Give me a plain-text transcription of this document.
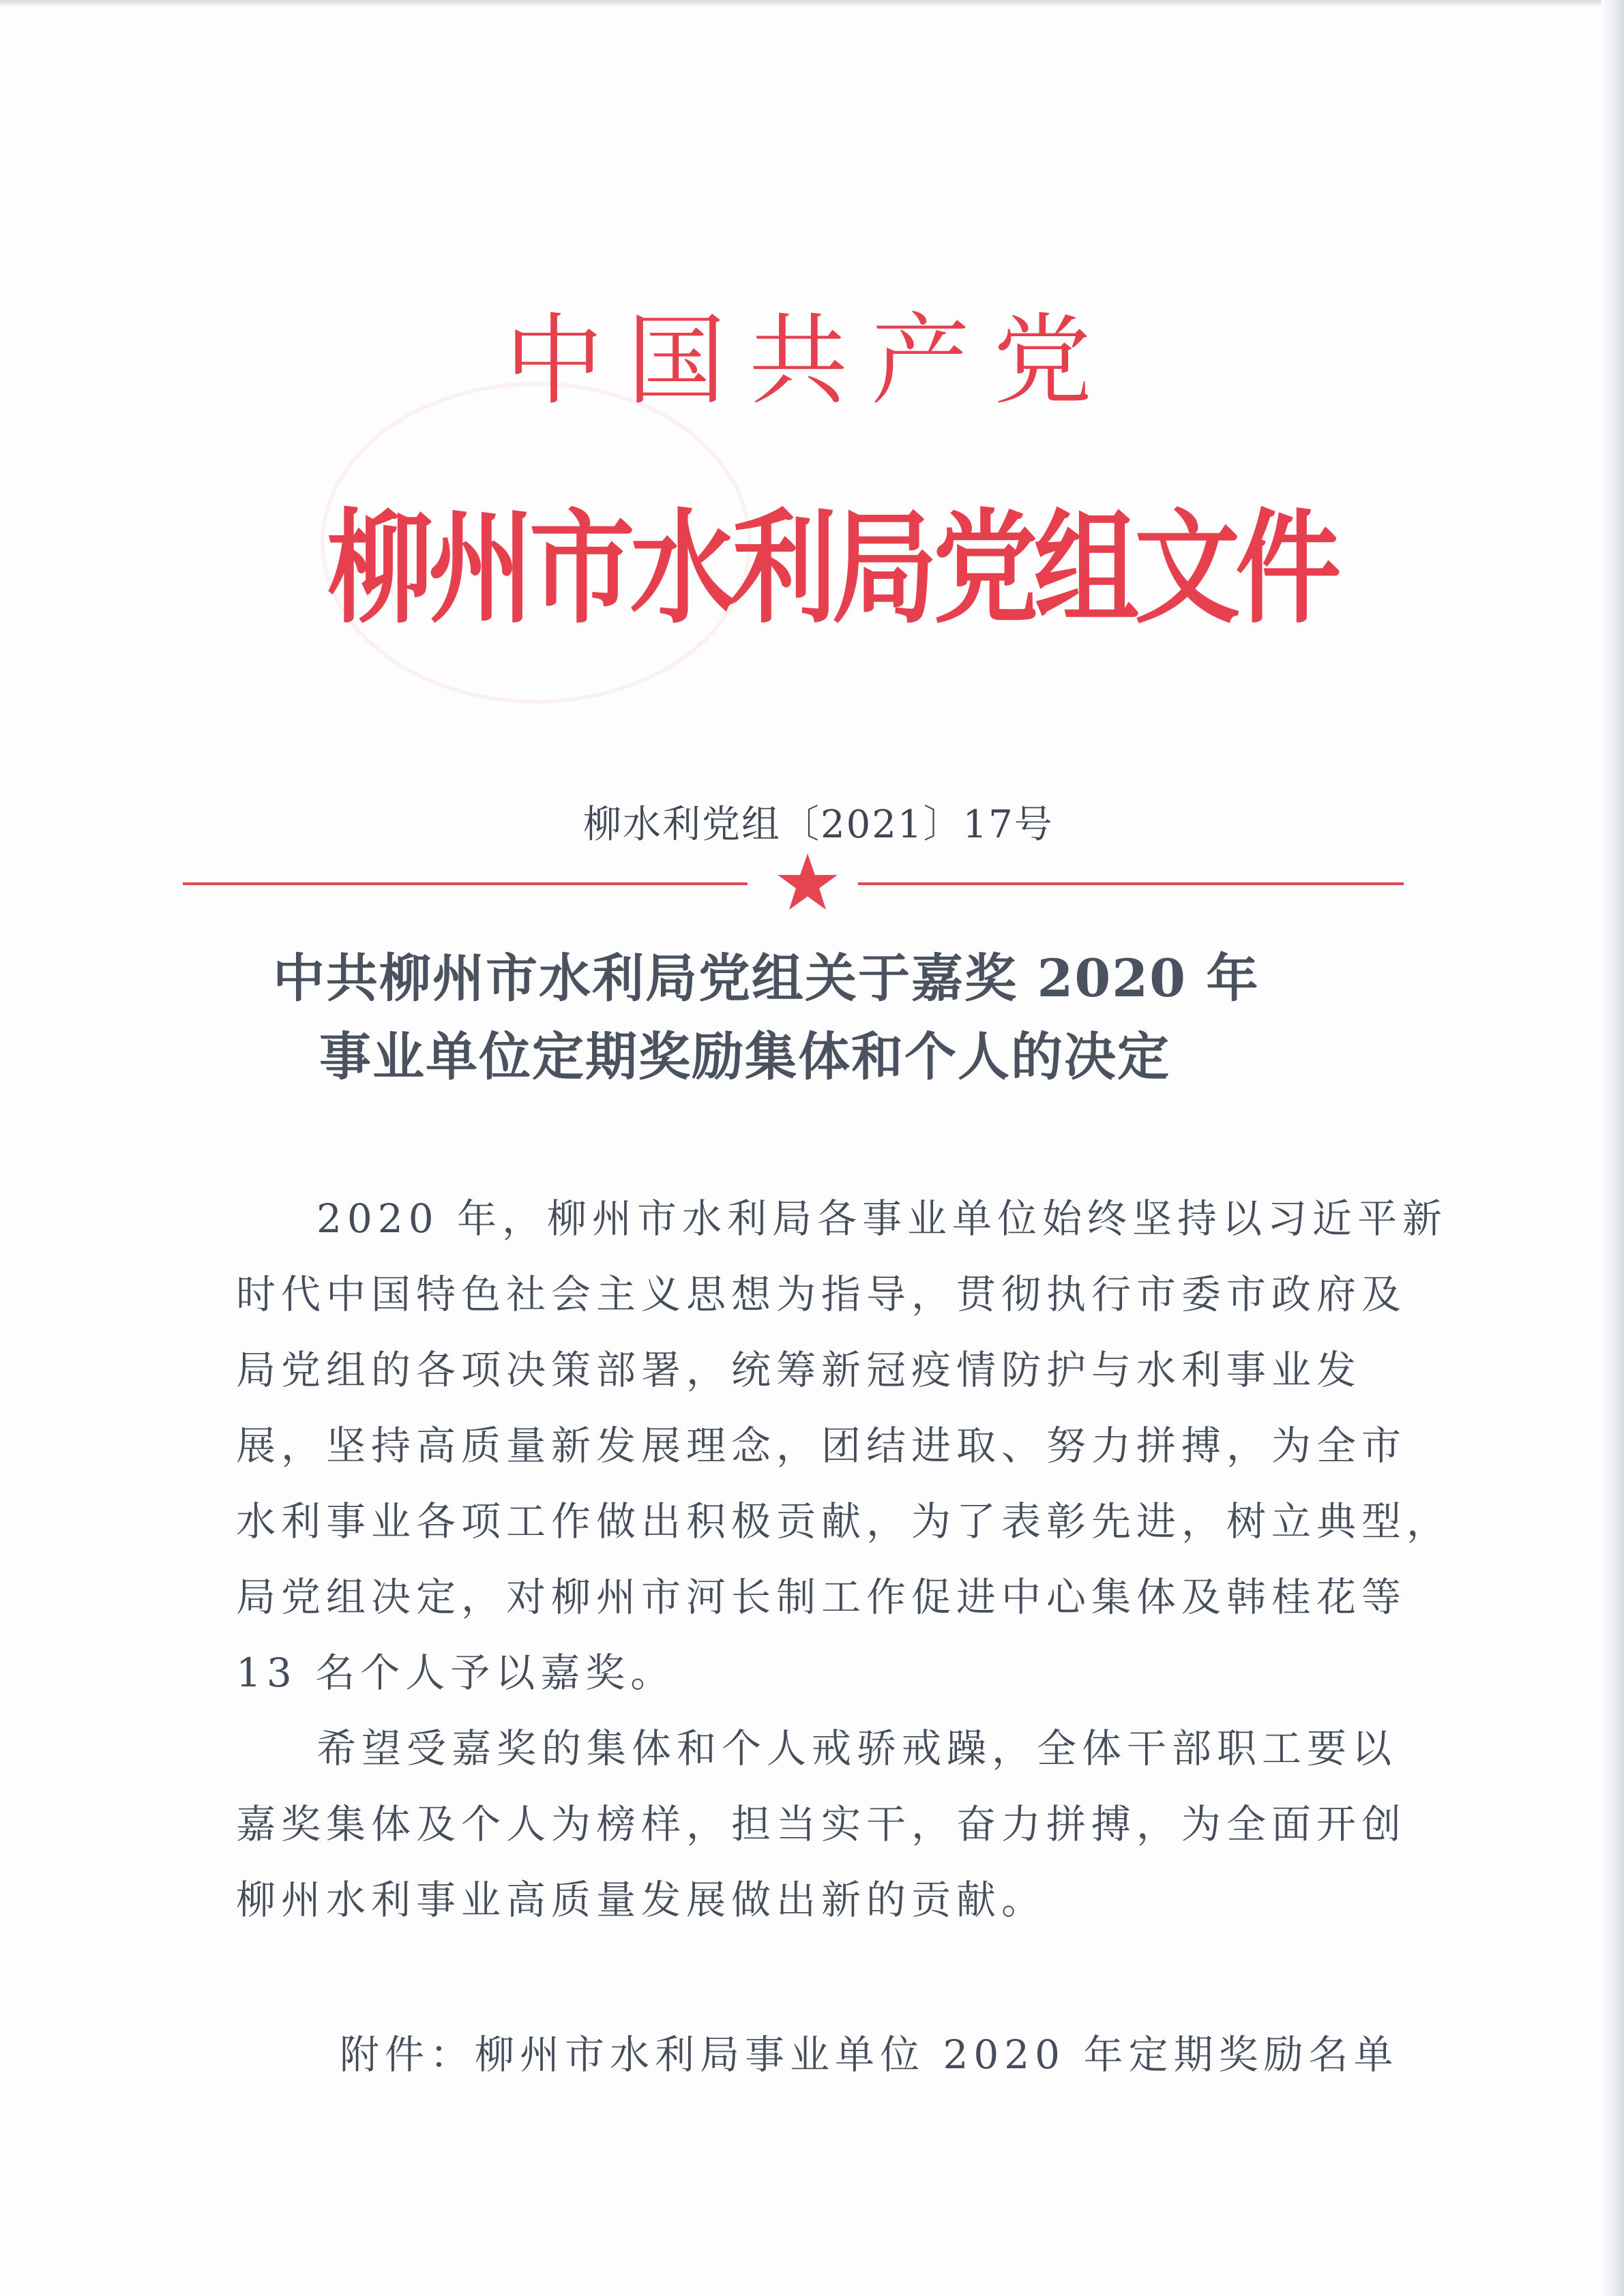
中国共产党
柳州市水利局党组文件
柳水利党组〔2021〕17号
中共柳州市水利局党组关于嘉奖 2020 年
事业单位定期奖励集体和个人的决定
2020 年，柳州市水利局各事业单位始终坚持以习近平新
时代中国特色社会主义思想为指导，贯彻执行市委市政府及
局党组的各项决策部署，统筹新冠疫情防护与水利事业发
展，坚持高质量新发展理念，团结进取、努力拼搏，为全市
水利事业各项工作做出积极贡献，为了表彰先进，树立典型，
局党组决定，对柳州市河长制工作促进中心集体及韩桂花等
13 名个人予以嘉奖。
希望受嘉奖的集体和个人戒骄戒躁，全体干部职工要以
嘉奖集体及个人为榜样，担当实干，奋力拼搏，为全面开创
柳州水利事业高质量发展做出新的贡献。
附件：柳州市水利局事业单位 2020 年定期奖励名单
